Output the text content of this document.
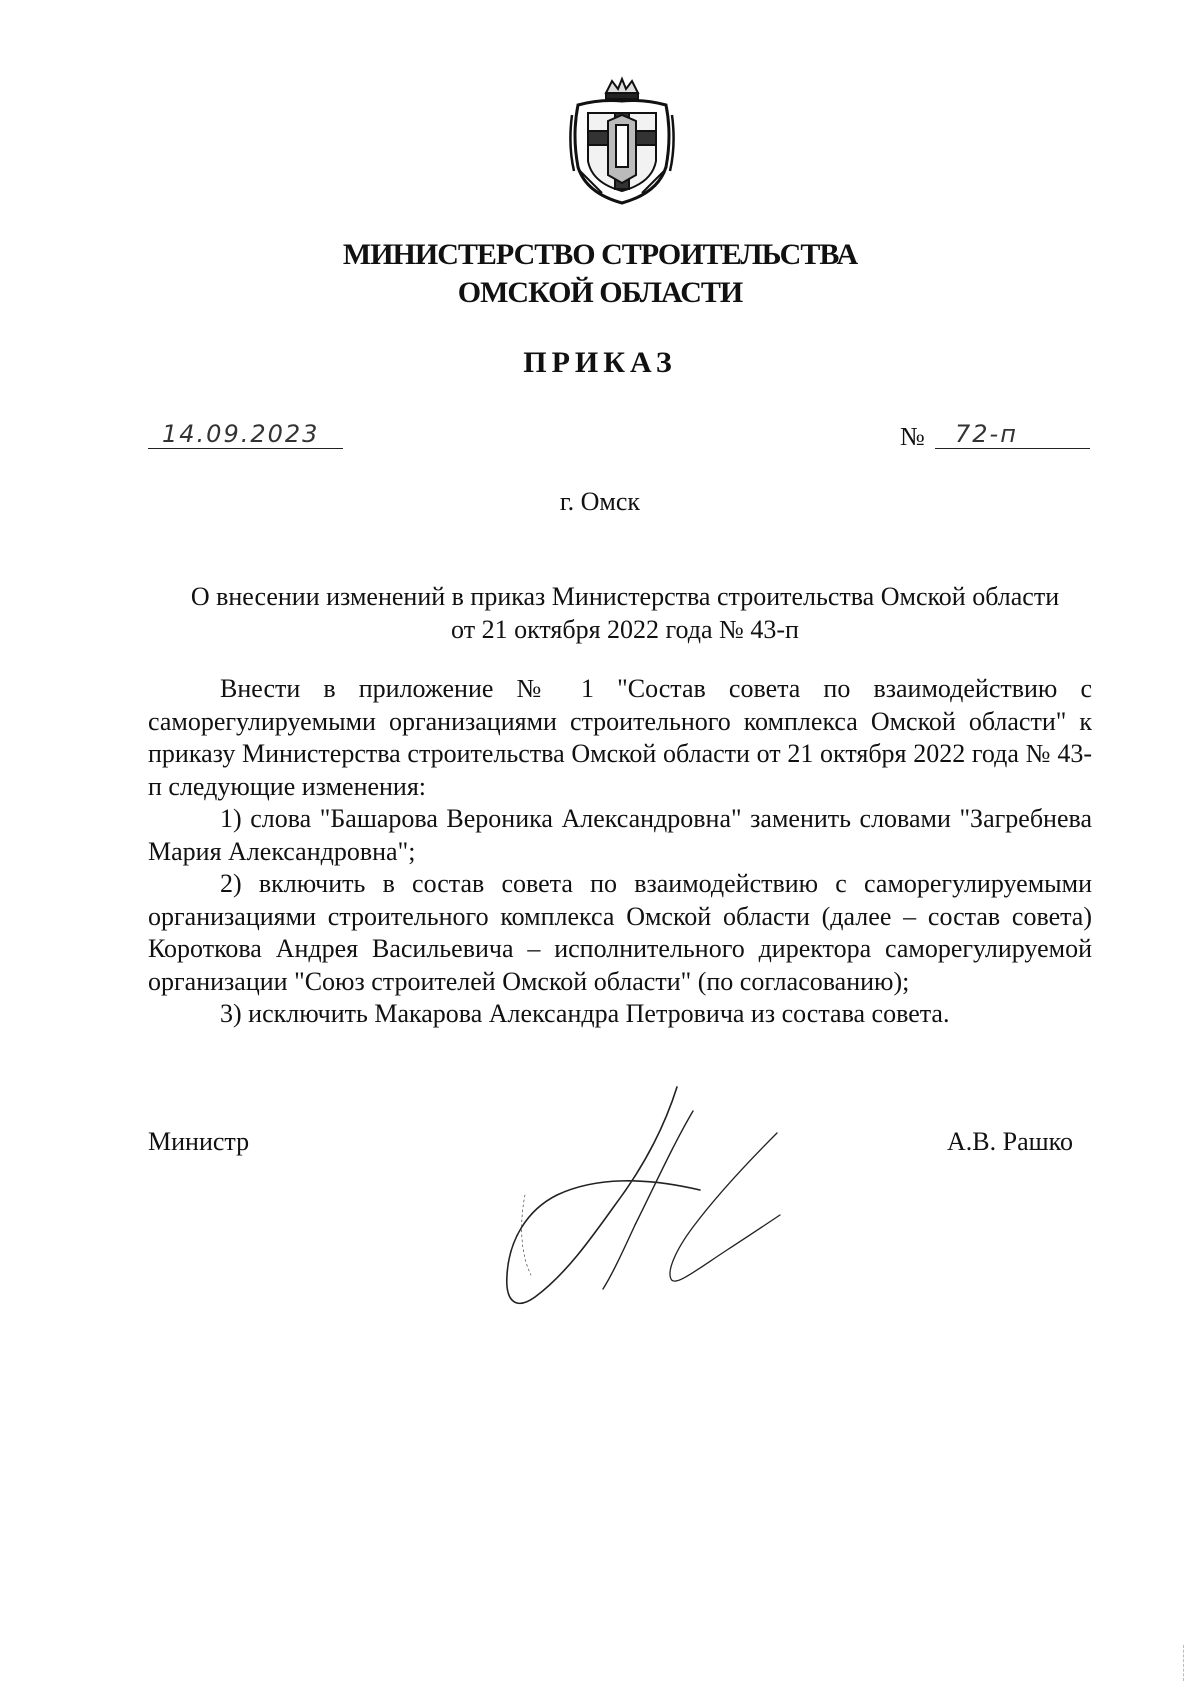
МИНИСТЕРСТВО СТРОИТЕЛЬСТВА
ОМСКОЙ ОБЛАСТИ
ПРИКАЗ
14.09.2023	№ 72-п
г. Омск
О внесении изменений в приказ Министерства строительства Омской области от 21 октября 2022 года № 43-п

Внести в приложение № 1 "Состав совета по взаимодействию с саморегулируемыми организациями строительного комплекса Омской области" к приказу Министерства строительства Омской области от 21 октября 2022 года № 43-п следующие изменения:

1) слова "Башарова Вероника Александровна" заменить словами "Загребнева Мария Александровна";

2) включить в состав совета по взаимодействию с саморегулируемыми организациями строительного комплекса Омской области (далее – состав совета) Короткова Андрея Васильевича – исполнительного директора саморегулируемой организации "Союз строителей Омской области" (по согласованию);

3) исключить Макарова Александра Петровича из состава совета.

Министр	А.В. Рашко
